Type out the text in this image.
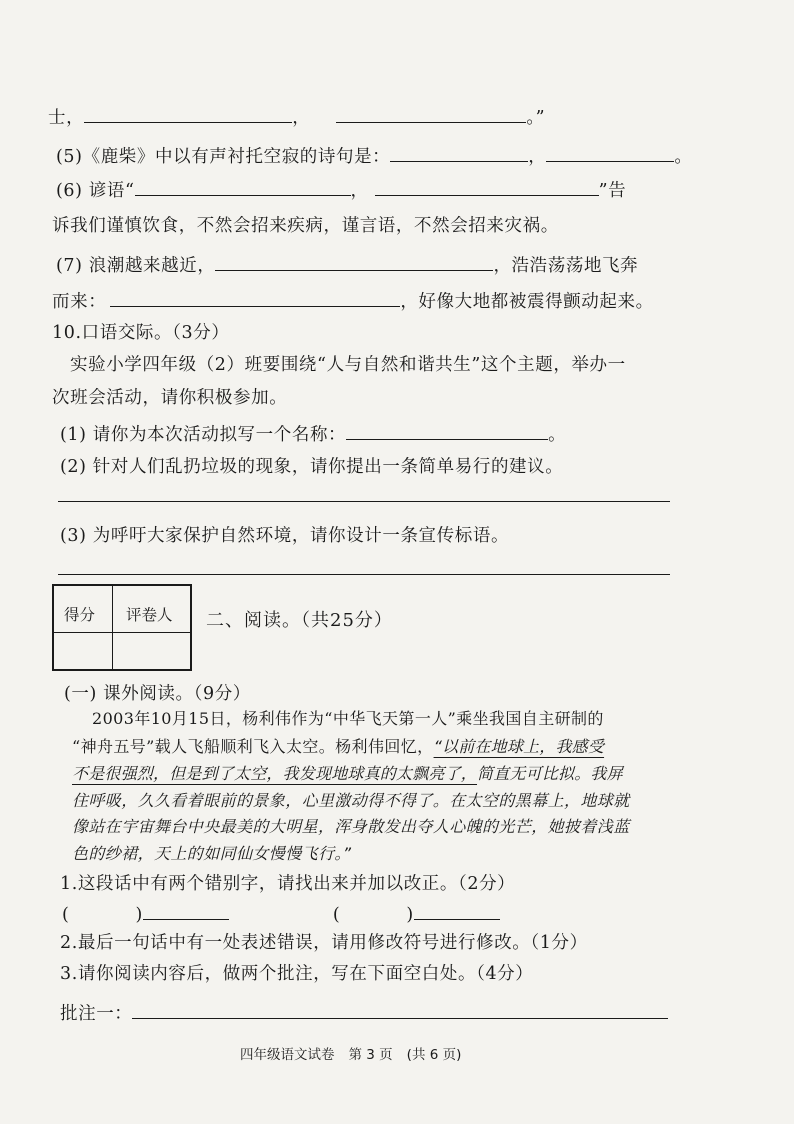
士，	，	。”
(5)《鹿柴》中以有声衬托空寂的诗句是：	，	。
(6) 谚语“	，	”告
诉我们谨慎饮食，不然会招来疾病，谨言语，不然会招来灾祸。
(7) 浪潮越来越近，	，浩浩荡荡地飞奔
而来：	，好像大地都被震得颤动起来。
10.口语交际。（3分）
实验小学四年级（2）班要围绕“人与自然和谐共生”这个主题，举办一
次班会活动，请你积极参加。
(1) 请你为本次活动拟写一个名称：	。
(2) 针对人们乱扔垃圾的现象，请你提出一条简单易行的建议。
(3) 为呼吁大家保护自然环境，请你设计一条宣传标语。
得分 评卷人 二、阅读。（共25分）
(一) 课外阅读。（9分）
2003年10月15日，杨利伟作为“中华飞天第一人”乘坐我国自主研制的
“神舟五号”载人飞船顺利飞入太空。杨利伟回忆，“以前在地球上，我感受
不是很强烈，但是到了太空，我发现地球真的太飘亮了，简直无可比拟。我屏
住呼吸，久久看着眼前的景象，心里激动得不得了。在太空的黑幕上，地球就
像站在宇宙舞台中央最美的大明星，浑身散发出夺人心魄的光芒，她披着浅蓝
色的纱裙，天上的如同仙女慢慢飞行。”
1.这段话中有两个错别字，请找出来并加以改正。（2分）
(	)	(	)
2.最后一句话中有一处表述错误，请用修改符号进行修改。（1分）
3.请你阅读内容后，做两个批注，写在下面空白处。（4分）
批注一：
四年级语文试卷 第 3 页 (共 6 页)
